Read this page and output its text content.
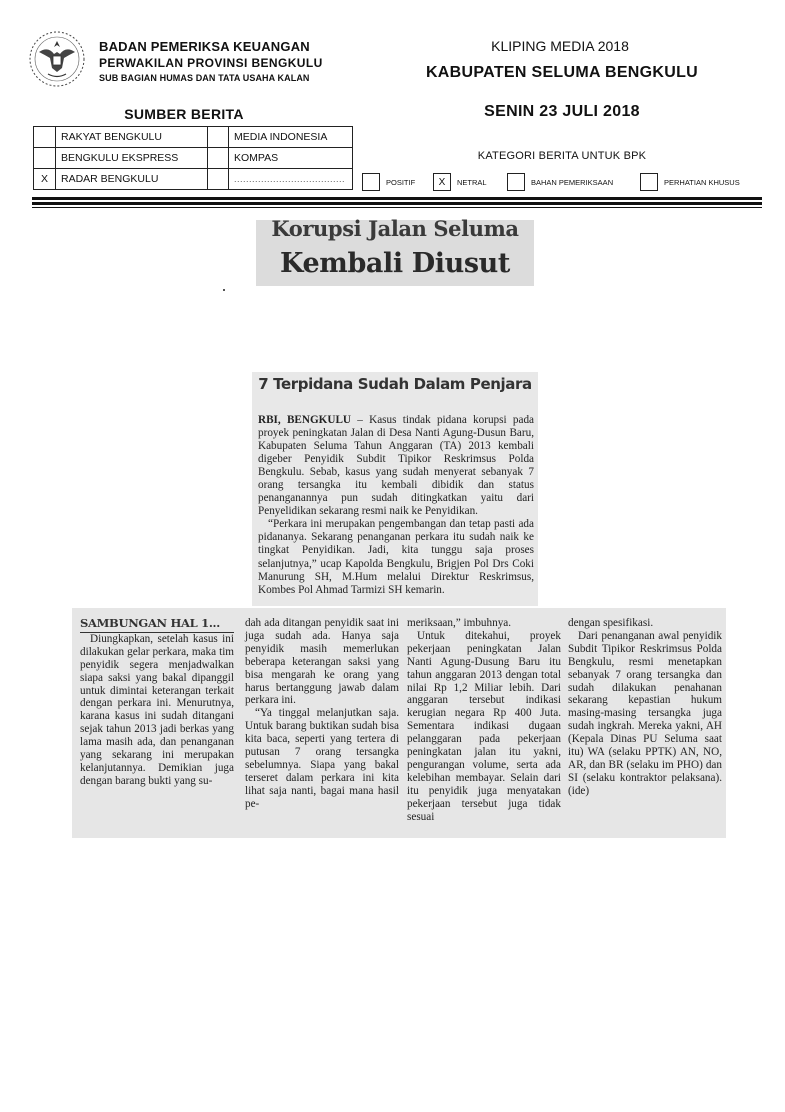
BADAN PEMERIKSA KEUANGAN
PERWAKILAN PROVINSI BENGKULU
SUB BAGIAN HUMAS DAN TATA USAHA KALAN
KLIPING MEDIA 2018
KABUPATEN SELUMA BENGKULU
SENIN 23 JULI 2018
SUMBER BERITA
	RAKYAT BENGKULU		MEDIA INDONESIA
	BENGKULU EKSPRESS		KOMPAS
X	RADAR BENGKULU		.....................................
KATEGORI BERITA UNTUK BPK
POSITIF	X	NETRAL	BAHAN PEMERIKSAAN	PERHATIAN KHUSUS
Korupsi Jalan Seluma
Kembali Diusut
7 Terpidana Sudah Dalam Penjara

RBI, BENGKULU – Kasus tindak pidana korupsi pada proyek peningkatan Jalan di Desa Nanti Agung-Dusun Baru, Kabupaten Seluma Tahun Anggaran (TA) 2013 kembali digeber Penyidik Subdit Tipikor Reskrimsus Polda Bengkulu. Sebab, kasus yang sudah menyerat sebanyak 7 orang tersangka itu kembali dibidik dan status penanganannya pun sudah ditingkatkan yaitu dari Penyelidikan sekarang resmi naik ke Penyidikan.

“Perkara ini merupakan pengembangan dan tetap pasti ada pidananya. Sekarang penanganan perkara itu sudah naik ke tingkat Penyidikan. Jadi, kita tunggu saja proses selanjutnya,” ucap Kapolda Bengkulu, Brigjen Pol Drs Coki Manurung SH, M.Hum melalui Direktur Reskrimsus, Kombes Pol Ahmad Tarmizi SH kemarin.

SAMBUNGAN HAL 1...

Diungkapkan, setelah kasus ini dilakukan gelar perkara, maka tim penyidik segera menjadwalkan siapa saksi yang bakal dipanggil untuk dimintai keterangan terkait dengan perkara ini. Menurutnya, karana kasus ini sudah ditangani sejak tahun 2013 jadi berkas yang lama masih ada, dan penanganan yang sekarang ini merupakan kelanjutannya. Demikian juga dengan barang bukti yang su-

dah ada ditangan penyidik saat ini juga sudah ada. Hanya saja penyidik masih memerlukan beberapa keterangan saksi yang bisa mengarah ke orang yang harus bertanggung jawab dalam perkara ini.

“Ya tinggal melanjutkan saja. Untuk barang buktikan sudah bisa kita baca, seperti yang tertera di putusan 7 orang tersangka sebelumnya. Siapa yang bakal terseret dalam perkara ini kita lihat saja nanti, bagai mana hasil pe-

meriksaan,” imbuhnya.

Untuk ditekahui, proyek pekerjaan peningkatan Jalan Nanti Agung-Dusung Baru itu tahun anggaran 2013 dengan total nilai Rp 1,2 Miliar lebih. Dari anggaran tersebut indikasi kerugian negara Rp 400 Juta. Sementara indikasi dugaan pelanggaran pada pekerjaan peningkatan jalan itu yakni, pengurangan volume, serta ada kelebihan membayar. Selain dari itu penyidik juga menyatakan pekerjaan tersebut juga tidak sesuai

dengan spesifikasi.

Dari penanganan awal penyidik Subdit Tipikor Reskrimsus Polda Bengkulu, resmi menetapkan sebanyak 7 orang tersangka dan sudah dilakukan penahanan sekarang kepastian hukum masing-masing tersangka juga sudah ingkrah. Mereka yakni, AH (Kepala Dinas PU Seluma saat itu) WA (selaku PPTK) AN, NO, AR, dan BR (selaku im PHO) dan SI (selaku kontraktor pelaksana). (ide)
